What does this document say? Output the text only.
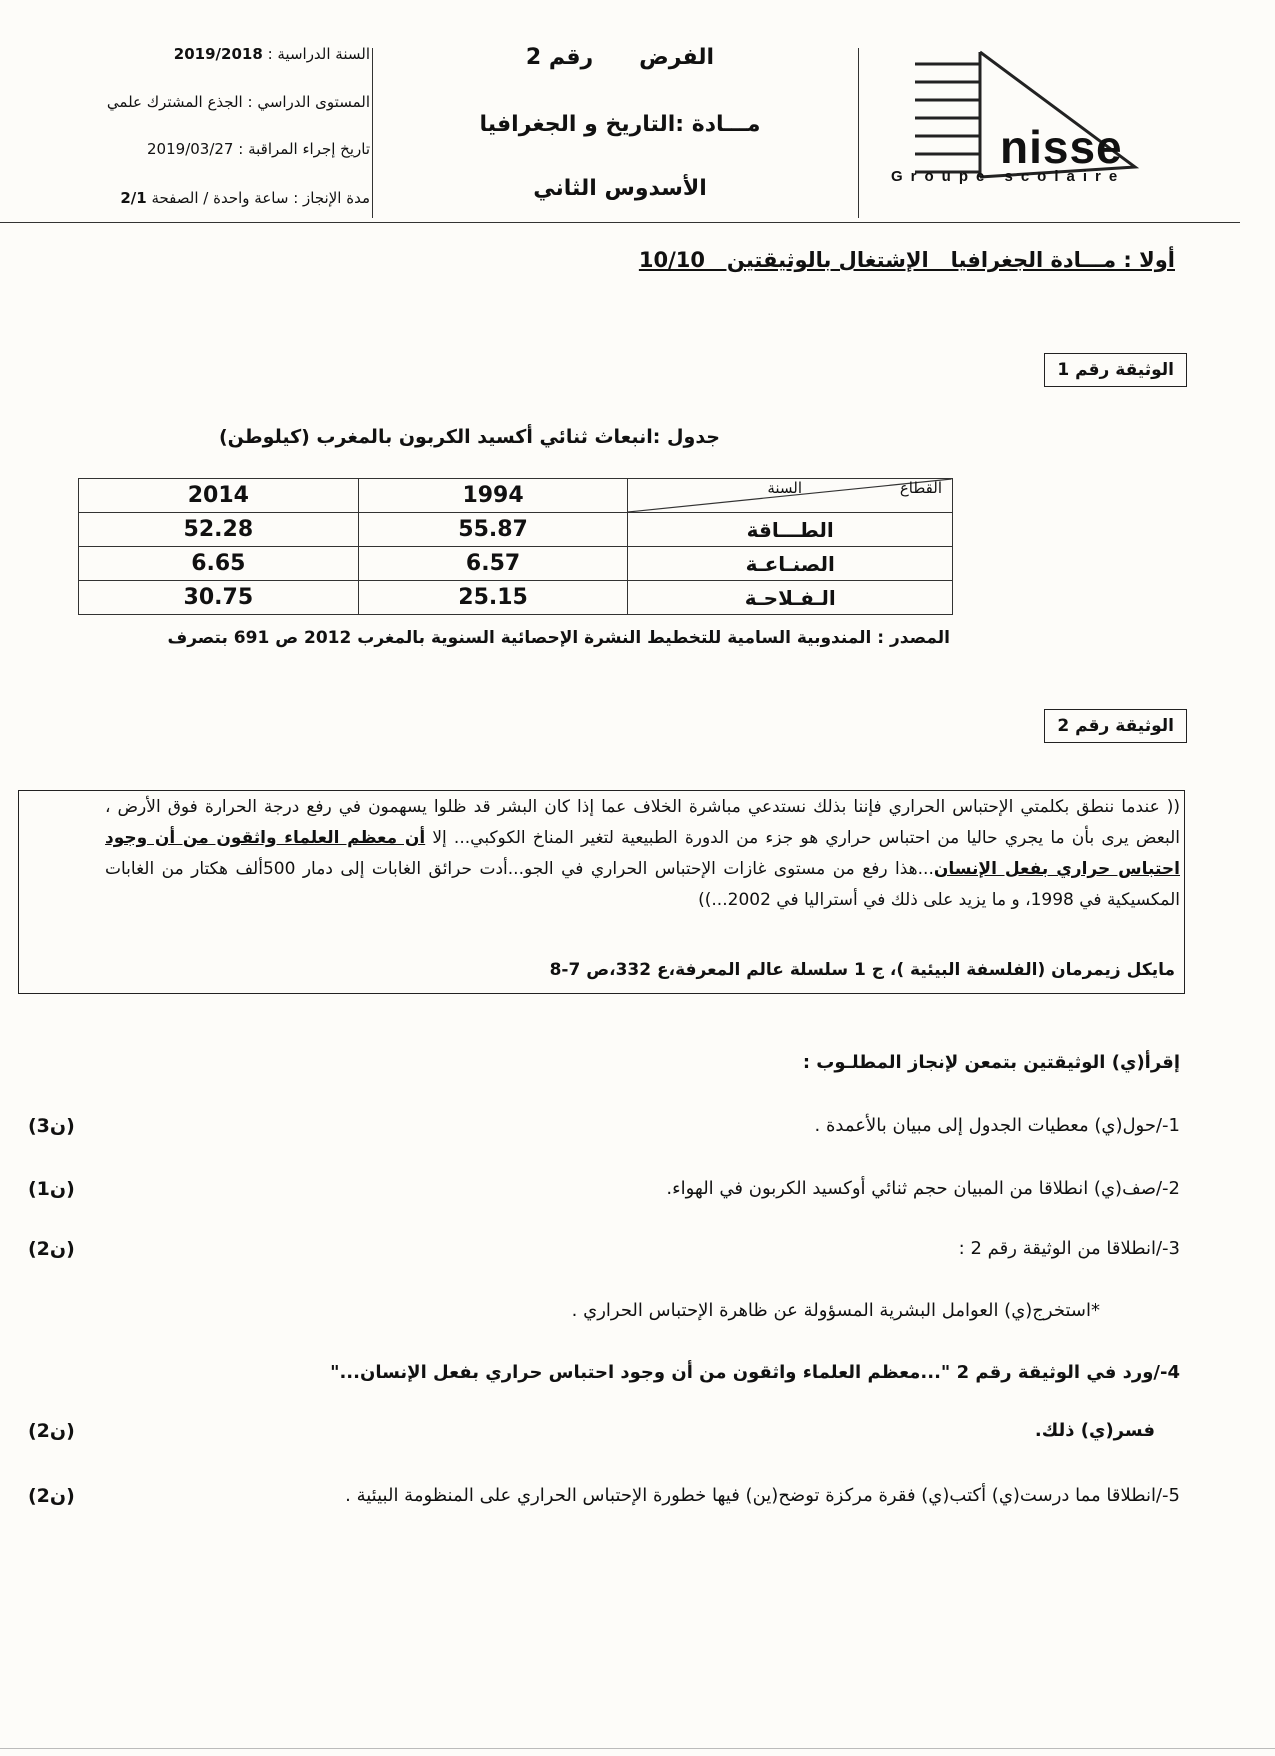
السنة الدراسية : 2019/2018
المستوى الدراسي : الجذع المشترك علمي
تاريخ إجراء المراقبة : 2019/03/27
مدة الإنجاز : ساعة واحدة / الصفحة 2/1
الفرض      رقم 2
مـــادة :التاريخ و الجغرافيا
الأسدوس الثاني
nisse
Groupe scolaire
أولا : مـــادة الجغرافيا   الإشتغال بالوثيقتين   10/10
الوثيقة رقم 1
جدول :انبعاث ثنائي أكسيد الكربون بالمغرب (كيلوطن)
2014	1994	القطاع
السنة

52.28	55.87	الطـــاقة
6.65	6.57	الصنـاعـة
30.75	25.15	الـفـلاحـة
المصدر : المندوبية السامية للتخطيط النشرة الإحصائية السنوية بالمغرب 2012 ص 691 بتصرف
الوثيقة رقم 2
(( عندما ننطق بكلمتي الإحتباس الحراري فإننا بذلك نستدعي مباشرة الخلاف عما إذا كان البشر قد ظلوا يسهمون في رفع درجة الحرارة فوق الأرض ، البعض يرى بأن ما يجري حاليا من احتباس حراري هو جزء من الدورة الطبيعية لتغير المناخ الكوكبي... إلا أن معظم العلماء واثقون من أن وجود احتباس حراري بفعل الإنسان...هذا رفع من مستوى غازات الإحتباس الحراري في الجو...أدت حرائق الغابات إلى دمار 500ألف هكتار من الغابات المكسيكية في 1998، و ما يزيد على ذلك في أستراليا في 2002...))
مايكل زيمرمان (الفلسفة البيئية )، ج 1 سلسلة عالم المعرفة،ع 332،ص 7-8
إقرأ(ي) الوثيقتين بتمعن لإنجاز المطلـوب :
1-/حول(ي) معطيات الجدول إلى مبيان بالأعمدة .
(3ن)
2-/صف(ي) انطلاقا من المبيان حجم ثنائي أوكسيد الكربون في الهواء.
(1ن)
3-/انطلاقا من الوثيقة رقم 2 :
(2ن)
*استخرج(ي) العوامل البشرية المسؤولة عن ظاهرة الإحتباس الحراري .
4-/ورد في الوثيقة رقم 2 "...معظم العلماء واثقون من أن وجود احتباس حراري بفعل الإنسان..."
فسر(ي) ذلك.
(2ن)
5-/انطلاقا مما درست(ي) أكتب(ي) فقرة مركزة توضح(ين) فيها خطورة الإحتباس الحراري على المنظومة البيئية .
(2ن)
